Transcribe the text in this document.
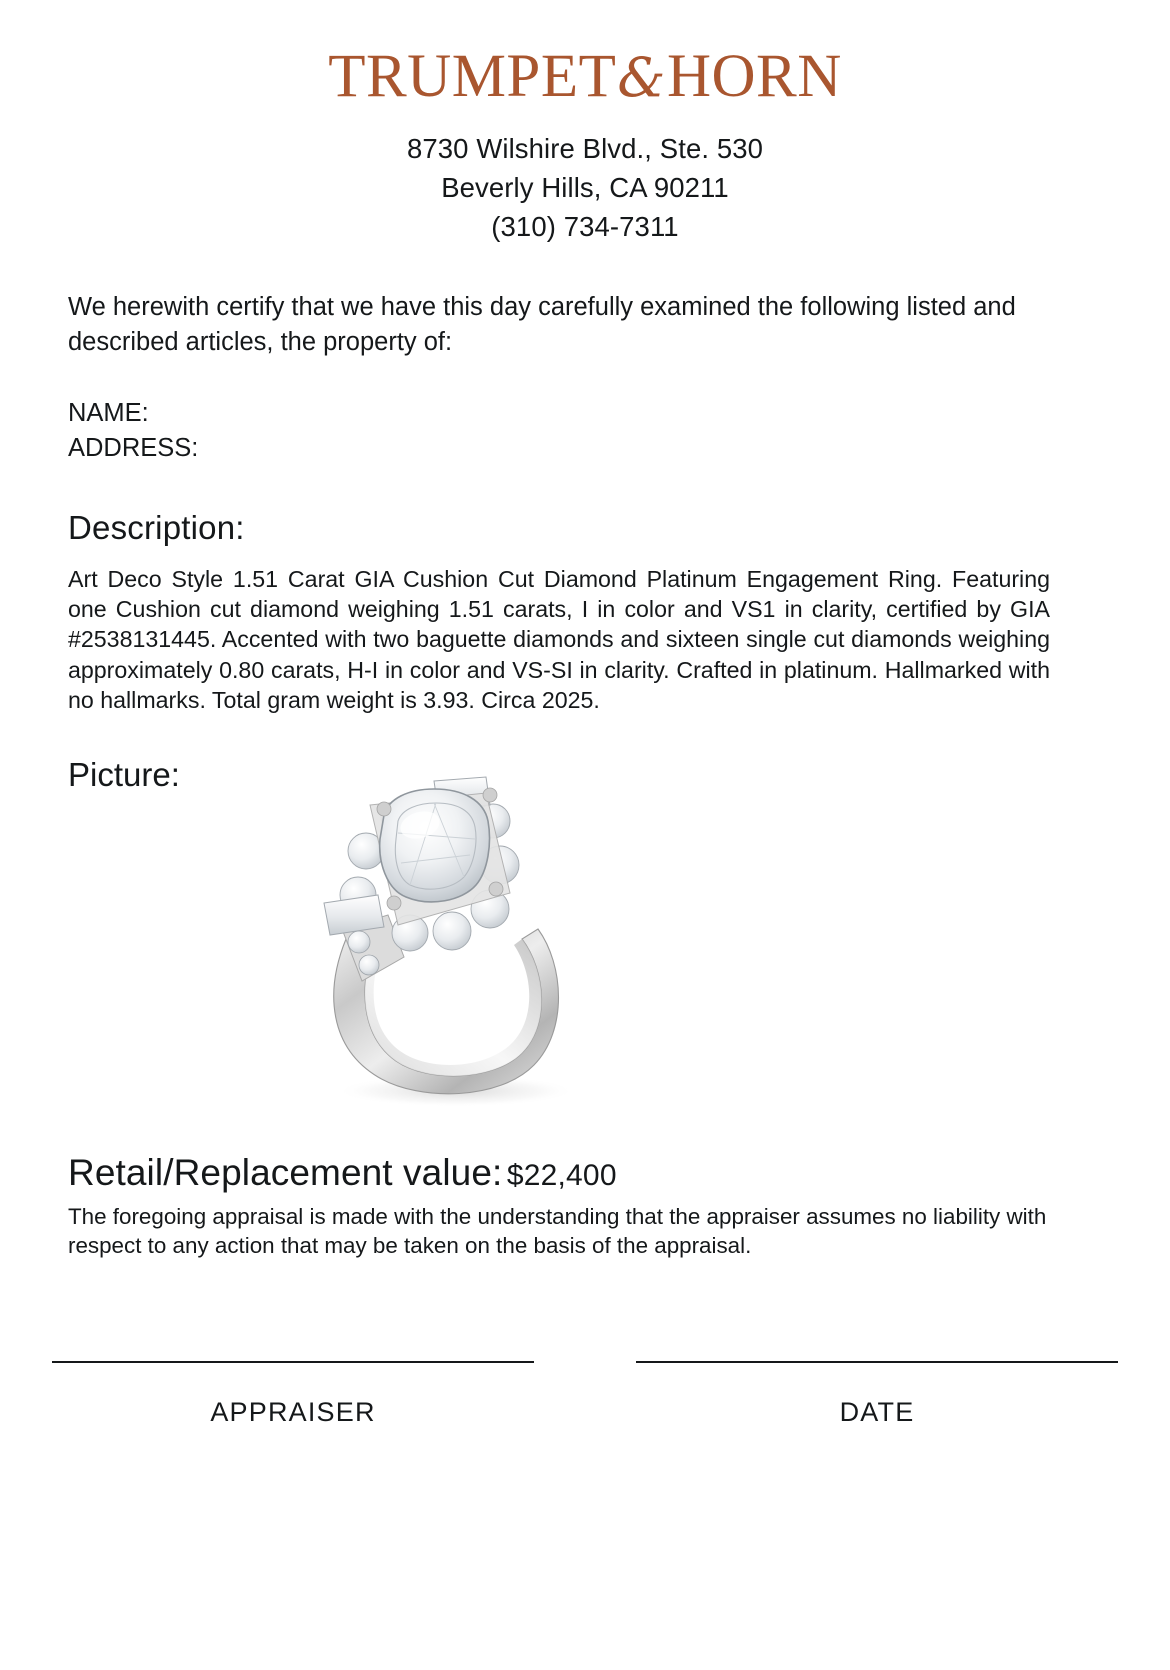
TRUMPET&HORN
8730 Wilshire Blvd., Ste. 530
Beverly Hills, CA 90211
(310) 734-7311
We herewith certify that we have this day carefully examined the following listed and described articles, the property of:
NAME:
ADDRESS:
Description:
Art Deco Style 1.51 Carat GIA Cushion Cut Diamond Platinum Engagement Ring. Featuring one Cushion cut diamond weighing 1.51 carats, I in color and VS1 in clarity, certified by GIA #2538131445. Accented with two baguette diamonds and sixteen single cut diamonds weighing approximately 0.80 carats, H-I in color and VS-SI in clarity. Crafted in platinum. Hallmarked with no hallmarks. Total gram weight is 3.93. Circa 2025.
Picture:
Retail/Replacement value: $22,400
The foregoing appraisal is made with the understanding that the appraiser assumes no liability with respect to any action that may be taken on the basis of the appraisal.
APPRAISER	DATE
